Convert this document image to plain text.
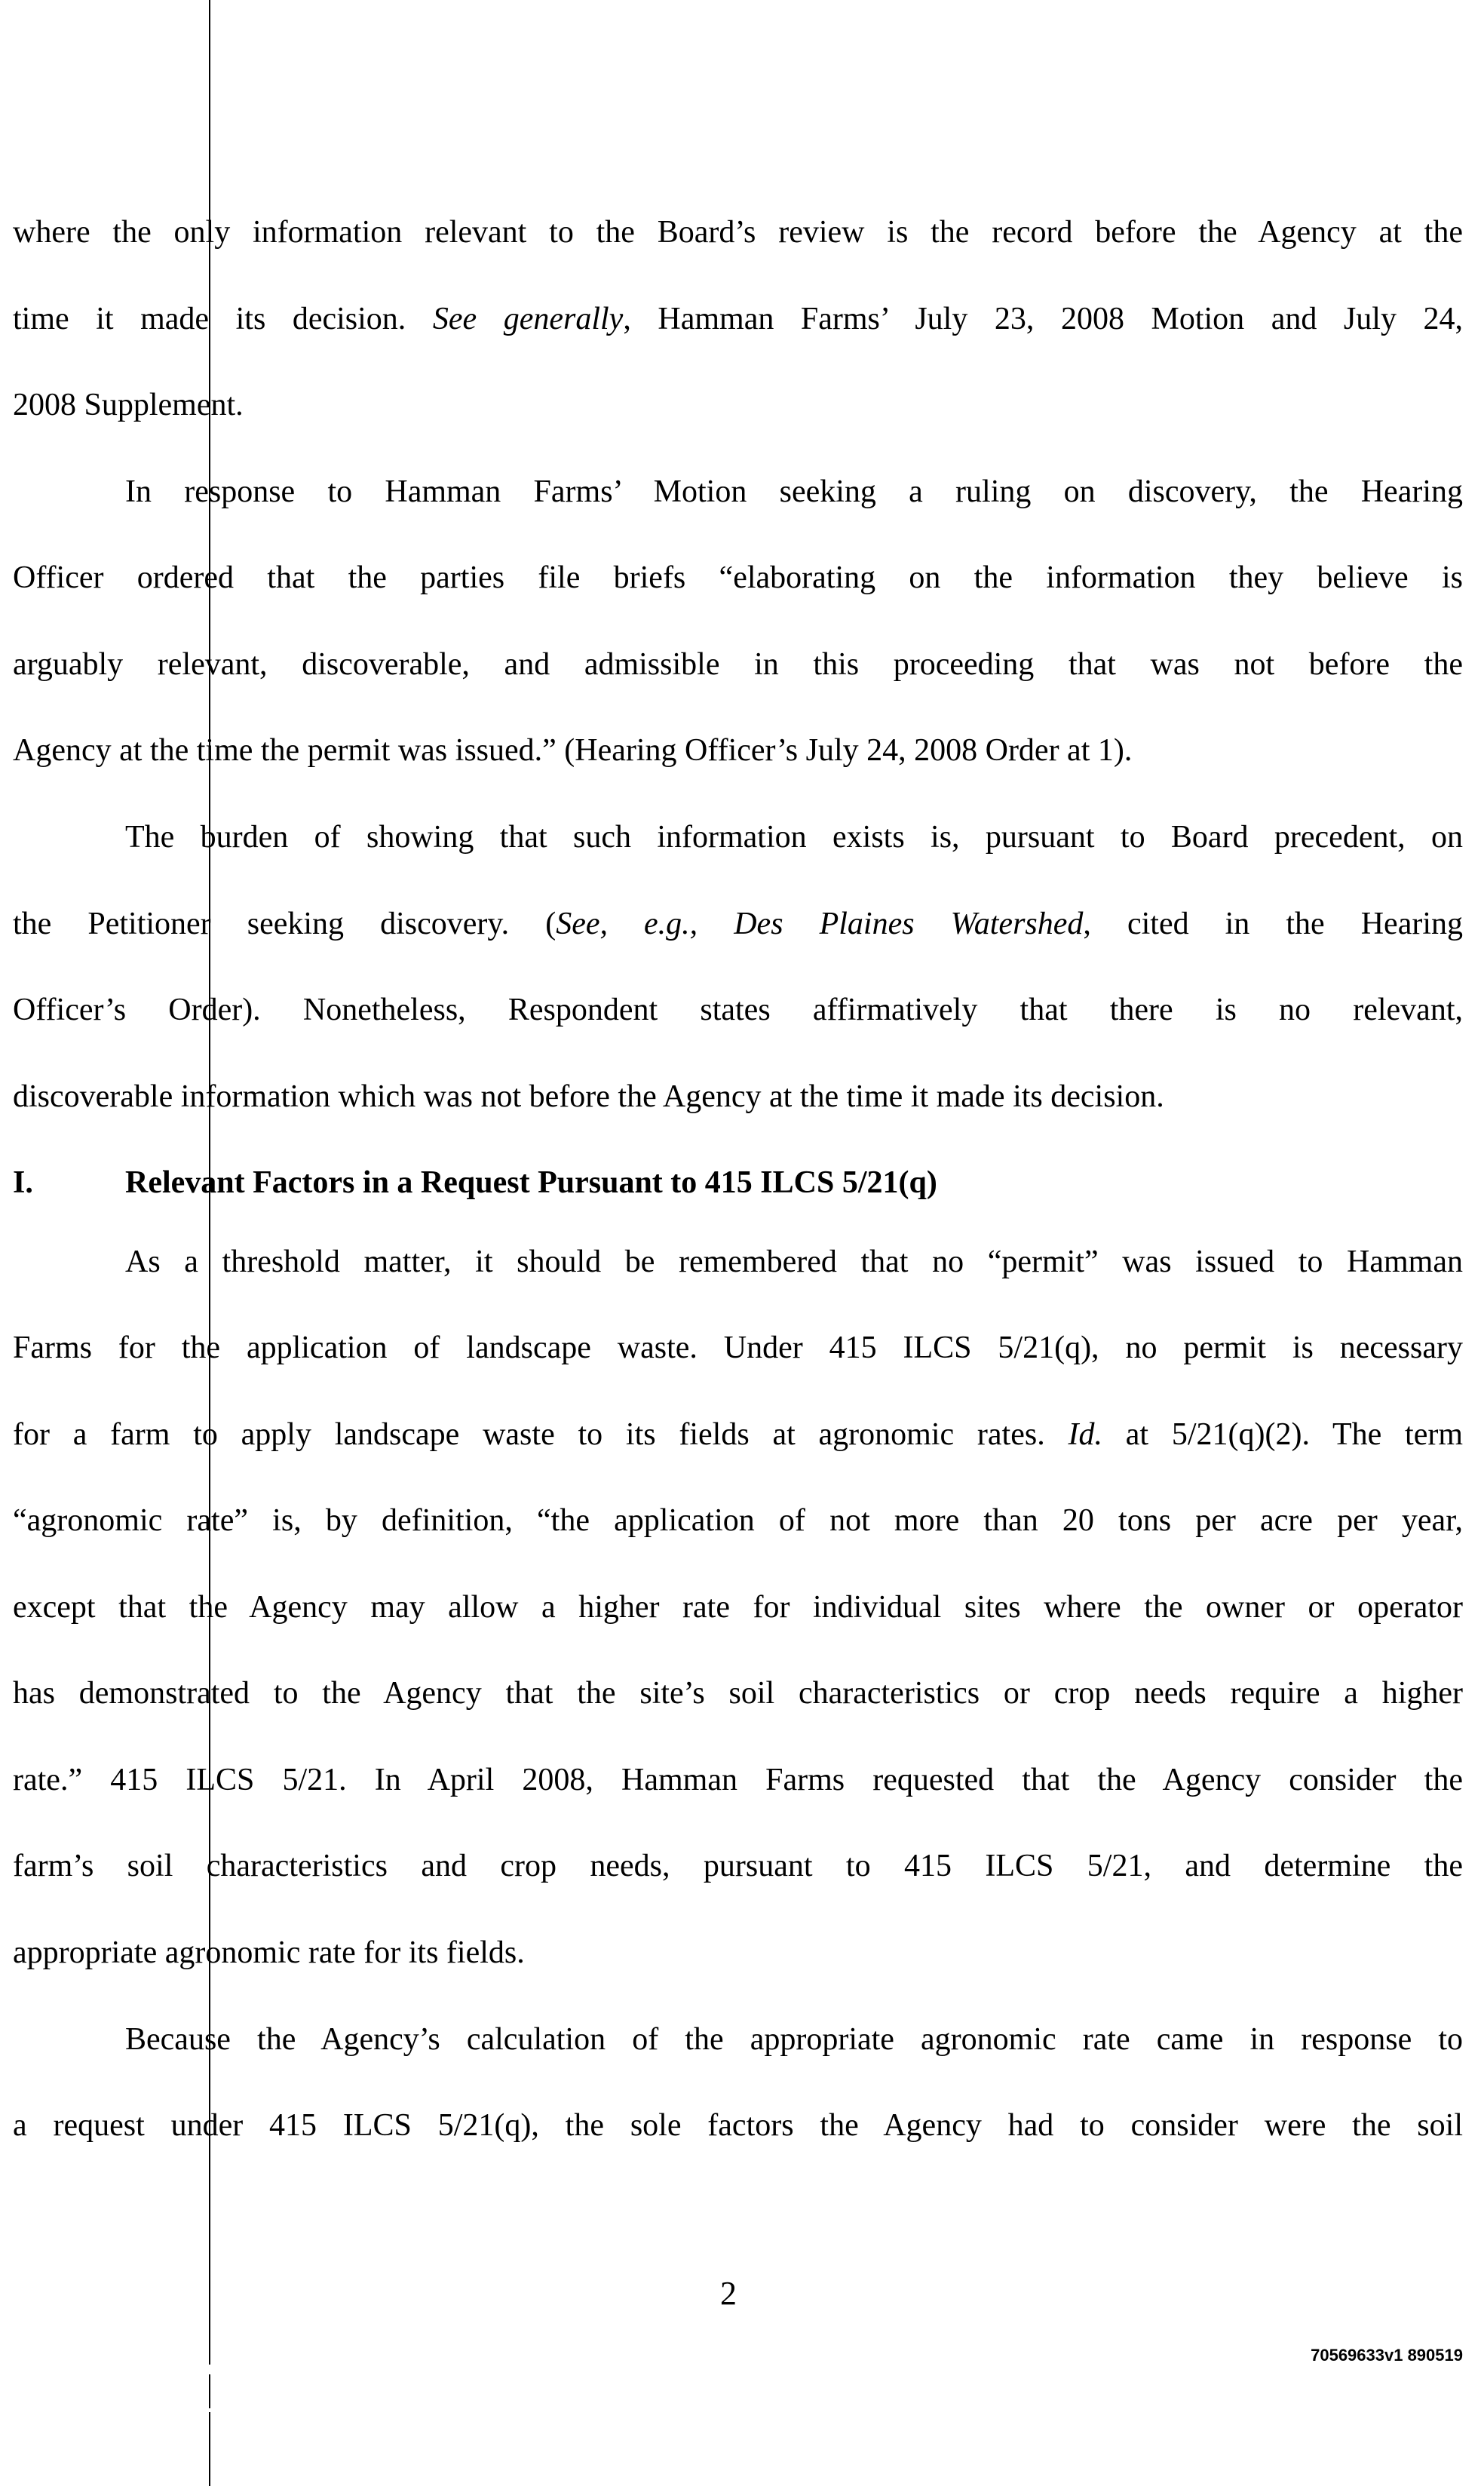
where the only information relevant to the Board’s review is the record before the Agency at the
time it made its decision. See generally, Hamman Farms’ July 23, 2008 Motion and July 24,
2008 Supplement.
In response to Hamman Farms’ Motion seeking a ruling on discovery, the Hearing
Officer ordered that the parties file briefs “elaborating on the information they believe is
arguably relevant, discoverable, and admissible in this proceeding that was not before the
Agency at the time the permit was issued.” (Hearing Officer’s July 24, 2008 Order at 1).
The burden of showing that such information exists is, pursuant to Board precedent, on
the Petitioner seeking discovery. (See, e.g., Des Plaines Watershed, cited in the Hearing
Officer’s Order). Nonetheless, Respondent states affirmatively that there is no relevant,
discoverable information which was not before the Agency at the time it made its decision.
I.	Relevant Factors in a Request Pursuant to 415 ILCS 5/21(q)
As a threshold matter, it should be remembered that no “permit” was issued to Hamman
Farms for the application of landscape waste. Under 415 ILCS 5/21(q), no permit is necessary
for a farm to apply landscape waste to its fields at agronomic rates. Id. at 5/21(q)(2). The term
“agronomic rate” is, by definition, “the application of not more than 20 tons per acre per year,
except that the Agency may allow a higher rate for individual sites where the owner or operator
has demonstrated to the Agency that the site’s soil characteristics or crop needs require a higher
rate.” 415 ILCS 5/21. In April 2008, Hamman Farms requested that the Agency consider the
farm’s soil characteristics and crop needs, pursuant to 415 ILCS 5/21, and determine the
appropriate agronomic rate for its fields.
Because the Agency’s calculation of the appropriate agronomic rate came in response to
a request under 415 ILCS 5/21(q), the sole factors the Agency had to consider were the soil
2
70569633v1 890519
